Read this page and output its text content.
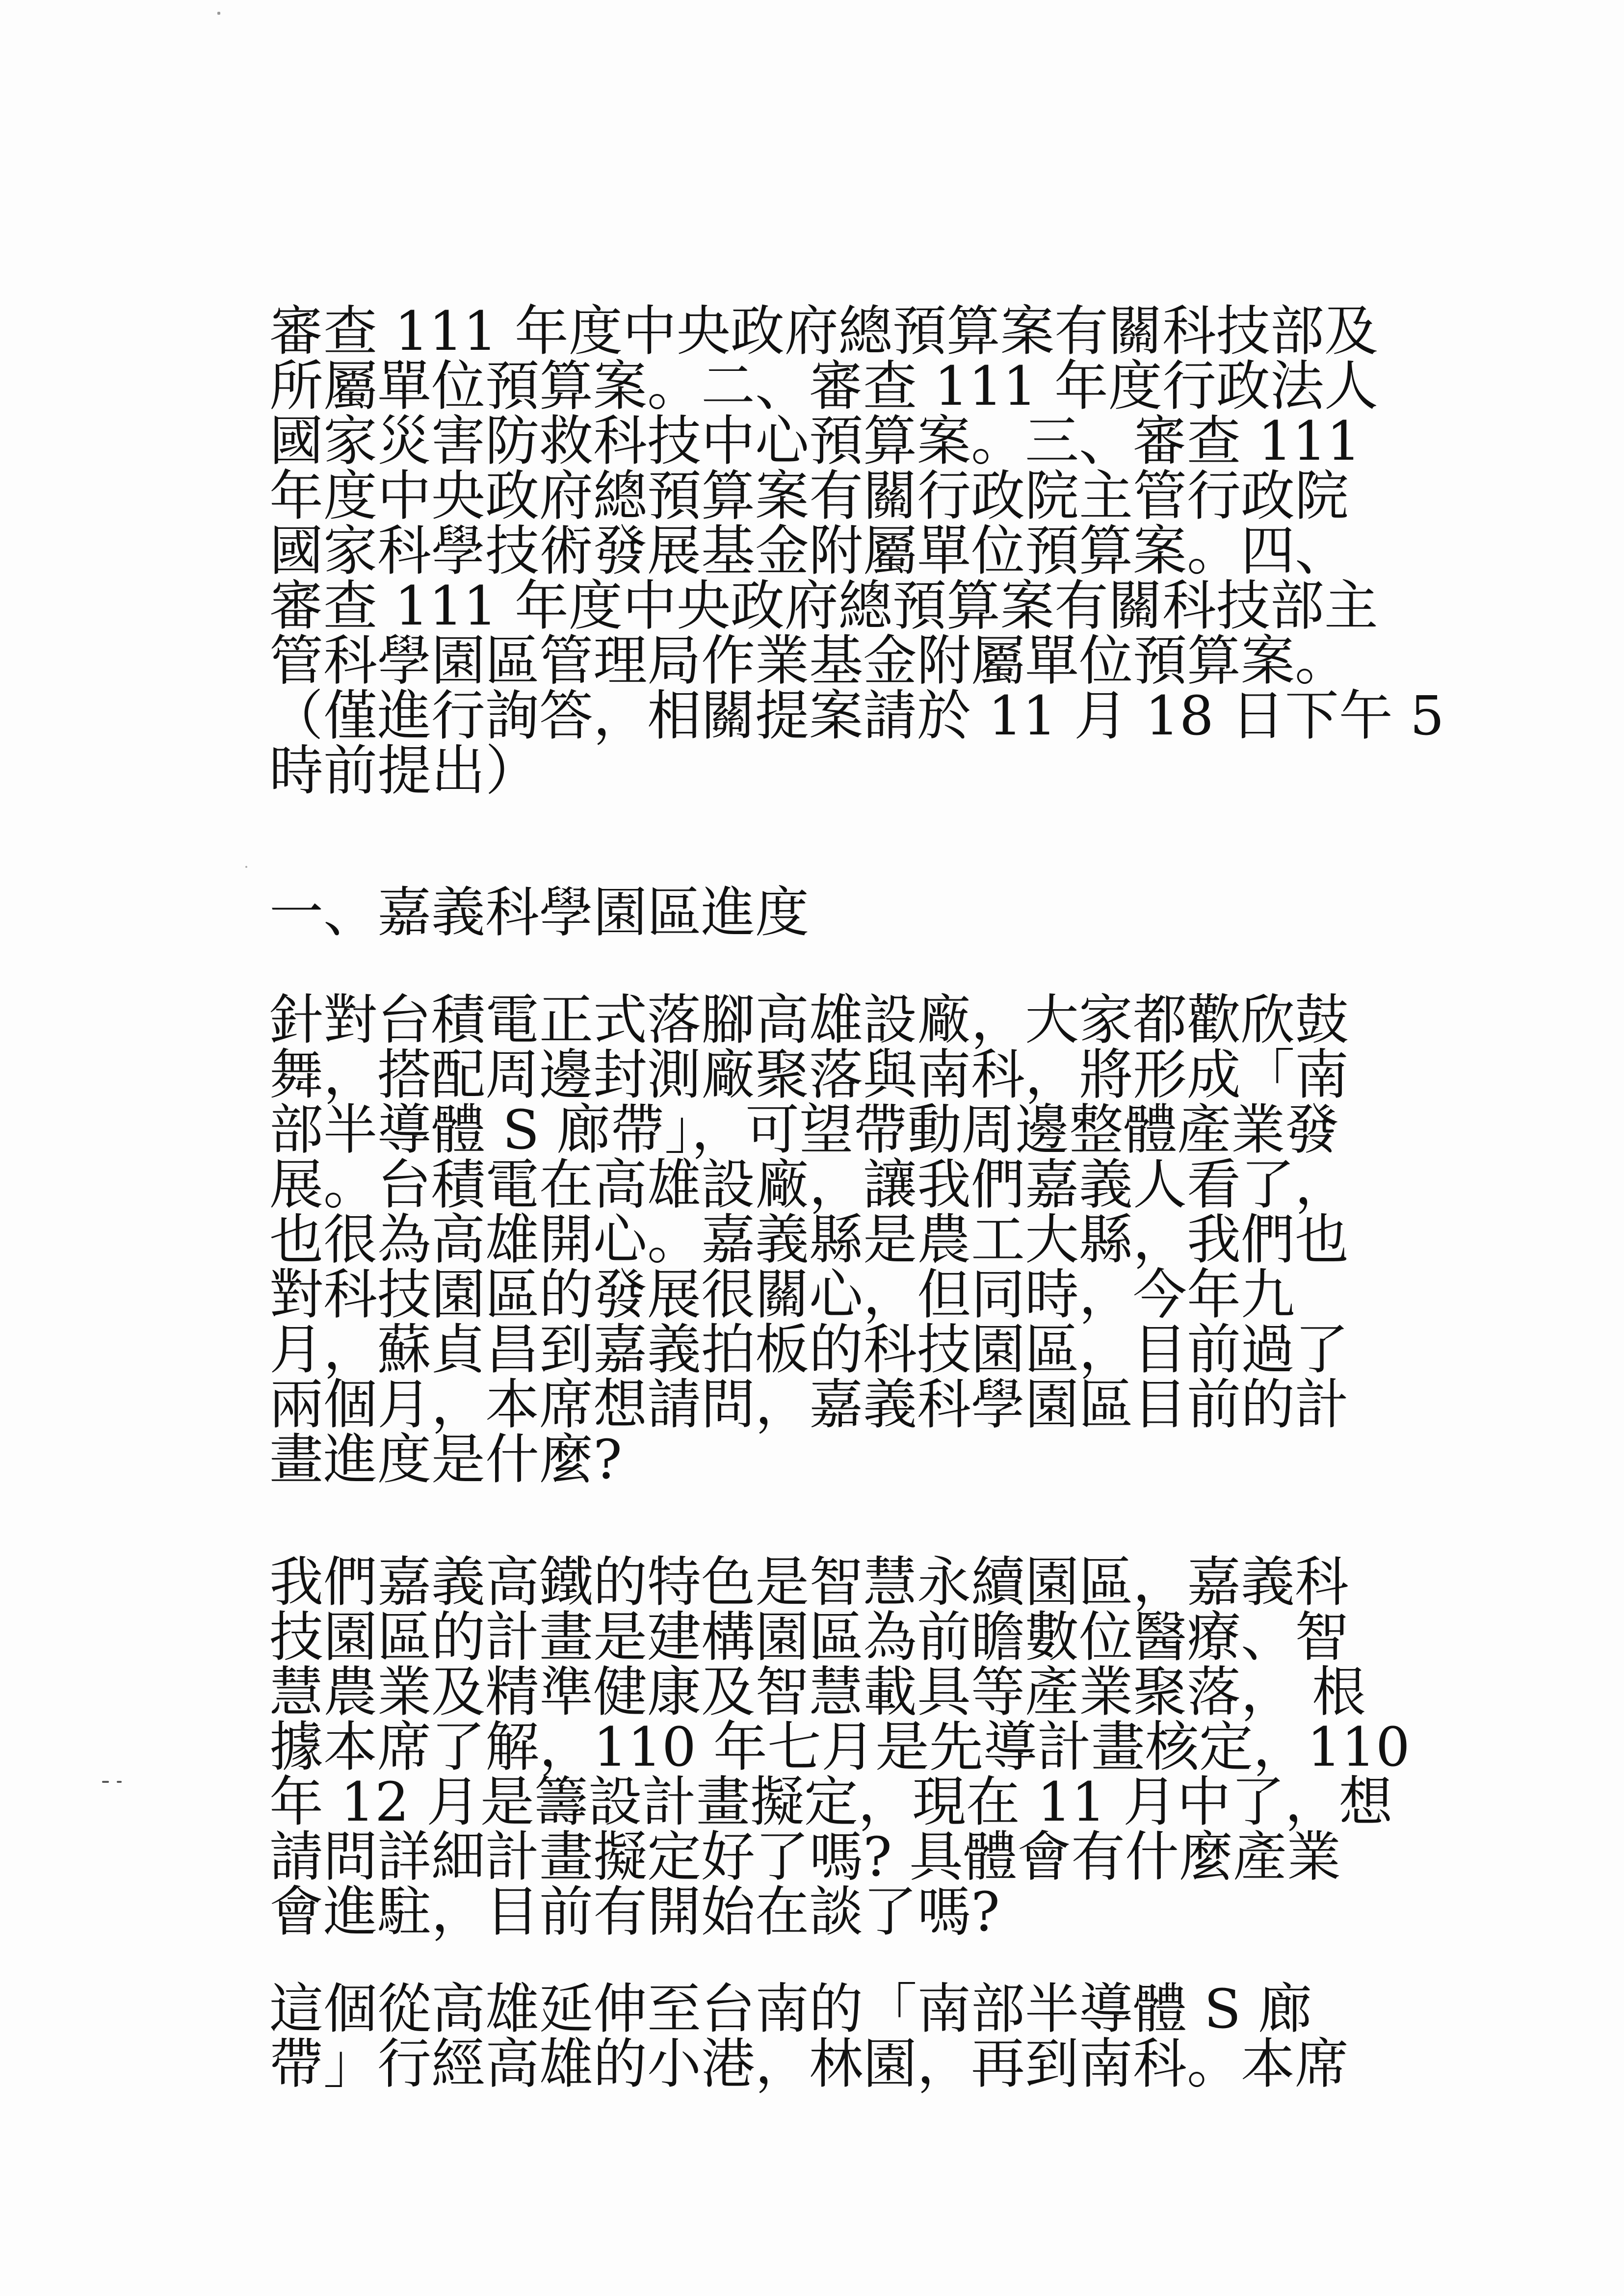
審查 111 年度中央政府總預算案有關科技部及
所屬單位預算案。二、審查 111 年度行政法人
國家災害防救科技中心預算案。三、審查 111
年度中央政府總預算案有關行政院主管行政院
國家科學技術發展基金附屬單位預算案。四、
審查 111 年度中央政府總預算案有關科技部主
管科學園區管理局作業基金附屬單位預算案。
（僅進行詢答，相關提案請於 11 月 18 日下午 5
時前提出）
一、嘉義科學園區進度
針對台積電正式落腳高雄設廠，大家都歡欣鼓
舞，搭配周邊封測廠聚落與南科，將形成「南
部半導體 S 廊帶」，可望帶動周邊整體產業發
展。台積電在高雄設廠，讓我們嘉義人看了，
也很為高雄開心。嘉義縣是農工大縣，我們也
對科技園區的發展很關心，但同時，今年九
月，蘇貞昌到嘉義拍板的科技園區，目前過了
兩個月，本席想請問，嘉義科學園區目前的計
畫進度是什麼?
我們嘉義高鐵的特色是智慧永續園區，嘉義科
技園區的計畫是建構園區為前瞻數位醫療、智
慧農業及精準健康及智慧載具等產業聚落， 根
據本席了解，110 年七月是先導計畫核定，110
年 12 月是籌設計畫擬定，現在 11 月中了，想
請問詳細計畫擬定好了嗎? 具體會有什麼產業
會進駐，目前有開始在談了嗎?
這個從高雄延伸至台南的「南部半導體 S 廊
帶」行經高雄的小港，林園，再到南科。本席
